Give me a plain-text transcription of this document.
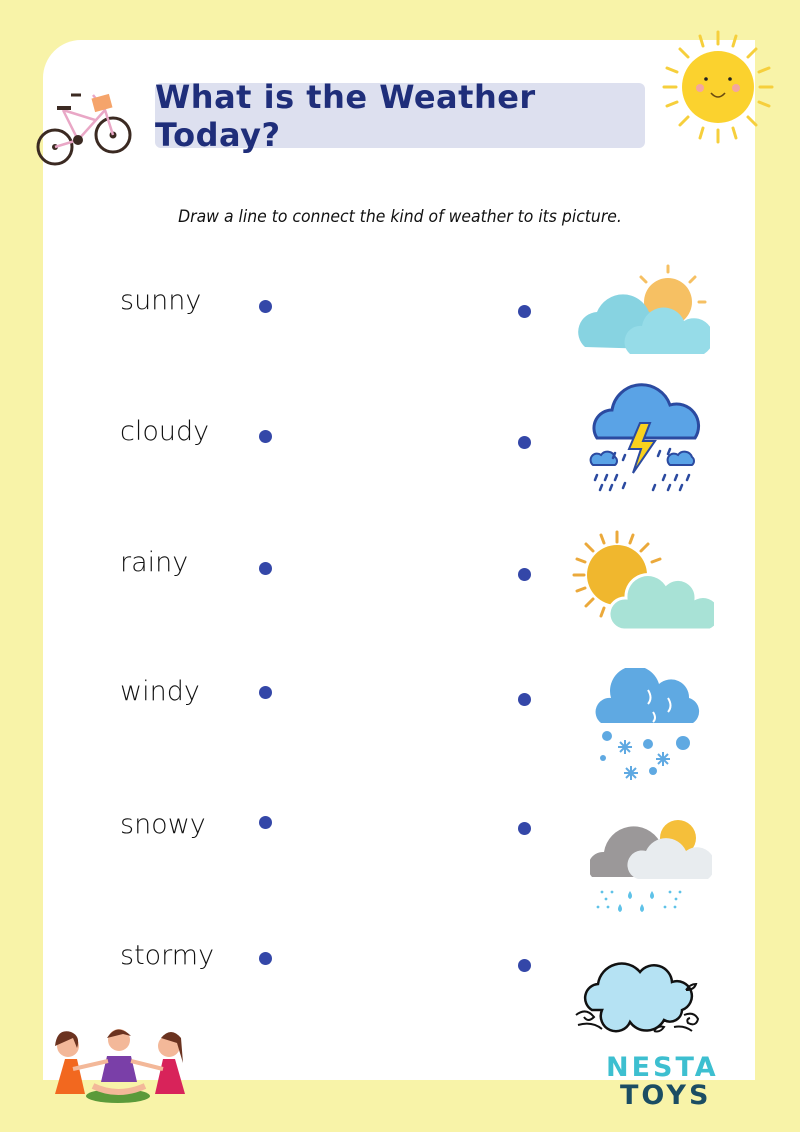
What is the Weather Today?
Draw a line to connect the kind of weather to its picture.
sunny
cloudy
rainy
windy
snowy
stormy
NESTA
TOYS
